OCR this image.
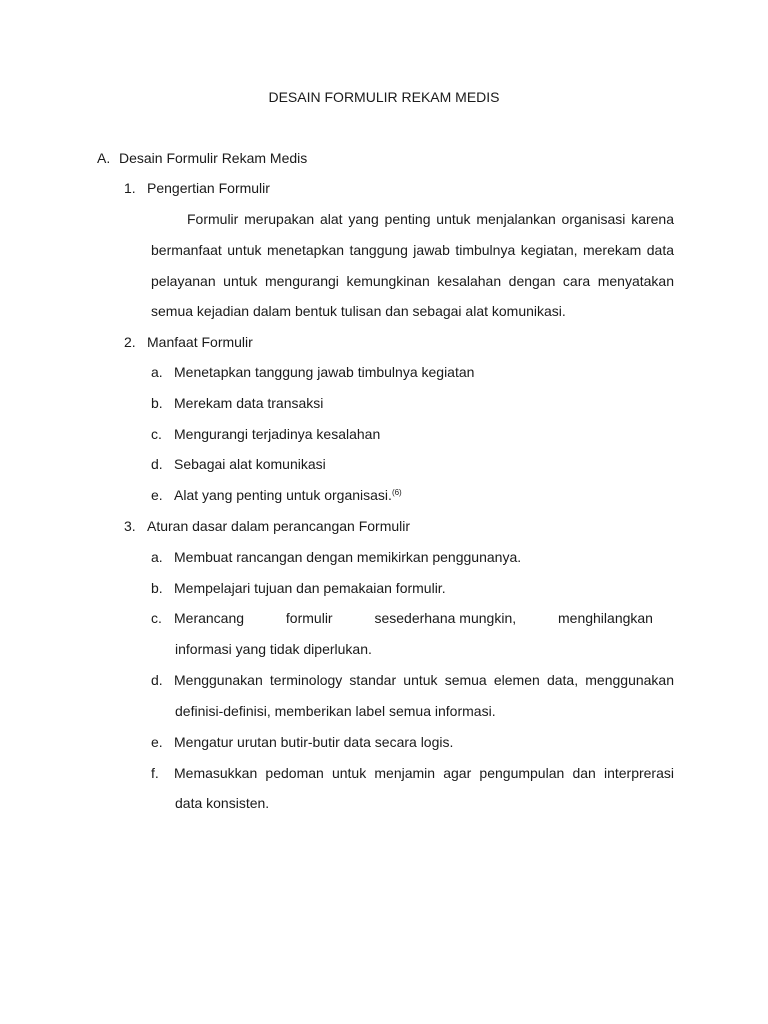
DESAIN FORMULIR REKAM MEDIS
A. Desain Formulir Rekam Medis
1. Pengertian Formulir
Formulir merupakan alat yang penting untuk menjalankan organisasi karena
bermanfaat untuk menetapkan tanggung jawab timbulnya kegiatan, merekam data
pelayanan untuk mengurangi kemungkinan kesalahan dengan cara menyatakan
semua kejadian dalam bentuk tulisan dan sebagai alat komunikasi.
2. Manfaat Formulir
a. Menetapkan tanggung jawab timbulnya kegiatan
b. Merekam data transaksi
c. Mengurangi terjadinya kesalahan
d. Sebagai alat komunikasi
e. Alat yang penting untuk organisasi.$^{(6)}$
3. Aturan dasar dalam perancangan Formulir
a. Membuat rancangan dengan memikirkan penggunanya.
b. Mempelajari tujuan dan pemakaian formulir.
c. Merancang	formulir	sesederhana mungkin,	menghilangkan
informasi yang tidak diperlukan.
d. Menggunakan terminology standar untuk semua elemen data, menggunakan
definisi-definisi, memberikan label semua informasi.
e. Mengatur urutan butir-butir data secara logis.
f. Memasukkan pedoman untuk menjamin agar pengumpulan dan interprerasi
data konsisten.
